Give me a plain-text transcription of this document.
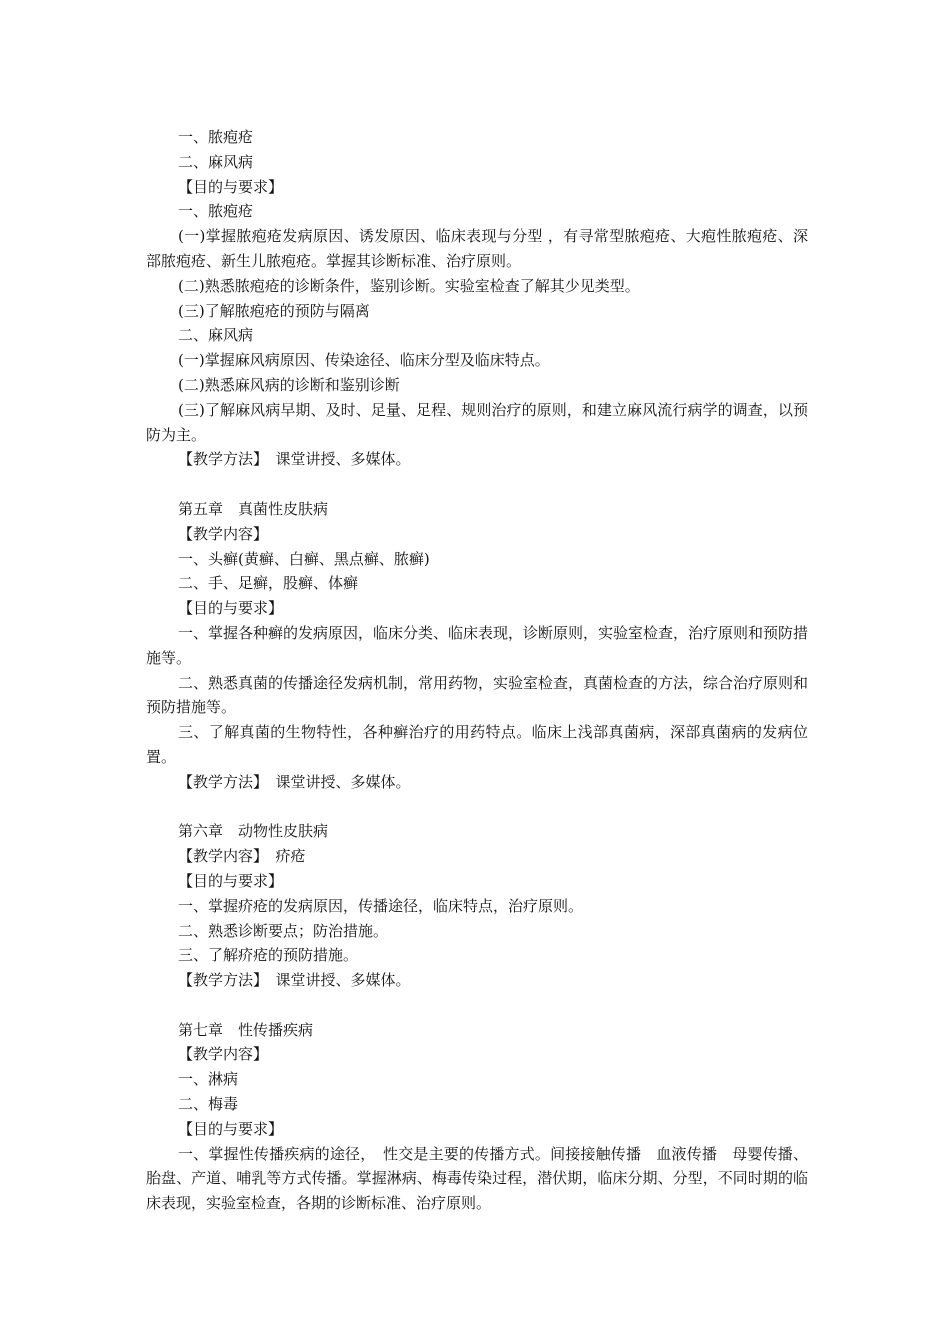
一、脓疱疮
二、麻风病
【目的与要求】
一、脓疱疮
(一)掌握脓疱疮发病原因、诱发原因、临床表现与分型 ，有寻常型脓疱疮、大疱性脓疱疮、深部脓疱疮、新生儿脓疱疮。掌握其诊断标准、治疗原则。
(二)熟悉脓疱疮的诊断条件，鉴别诊断。实验室检查了解其少见类型。
(三)了解脓疱疮的预防与隔离
二、麻风病
(一)掌握麻风病原因、传染途径、临床分型及临床特点。
(二)熟悉麻风病的诊断和鉴别诊断
(三)了解麻风病早期、及时、足量、足程、规则治疗的原则，和建立麻风流行病学的调查，以预防为主。
【教学方法】　课堂讲授、多媒体。
第五章　真菌性皮肤病
【教学内容】
一、头癣(黄癣、白癣、黑点癣、脓癣)
二、手、足癣，股癣、体癣
【目的与要求】
一、掌握各种癣的发病原因，临床分类、临床表现，诊断原则，实验室检查，治疗原则和预防措施等。
二、熟悉真菌的传播途径发病机制，常用药物，实验室检查，真菌检查的方法，综合治疗原则和预防措施等。
三、了解真菌的生物特性，各种癣治疗的用药特点。临床上浅部真菌病，深部真菌病的发病位置。
【教学方法】　课堂讲授、多媒体。
第六章　动物性皮肤病
【教学内容】　疥疮
【目的与要求】
一、掌握疥疮的发病原因，传播途径，临床特点，治疗原则。
二、熟悉诊断要点；防治措施。
三、了解疥疮的预防措施。
【教学方法】　课堂讲授、多媒体。
第七章　性传播疾病
【教学内容】
一、淋病
二、梅毒
【目的与要求】
一、掌握性传播疾病的途径，　性交是主要的传播方式。间接接触传播　血液传播　母婴传播、胎盘、产道、哺乳等方式传播。掌握淋病、梅毒传染过程，潜伏期，临床分期、分型，不同时期的临床表现，实验室检查，各期的诊断标准、治疗原则。
